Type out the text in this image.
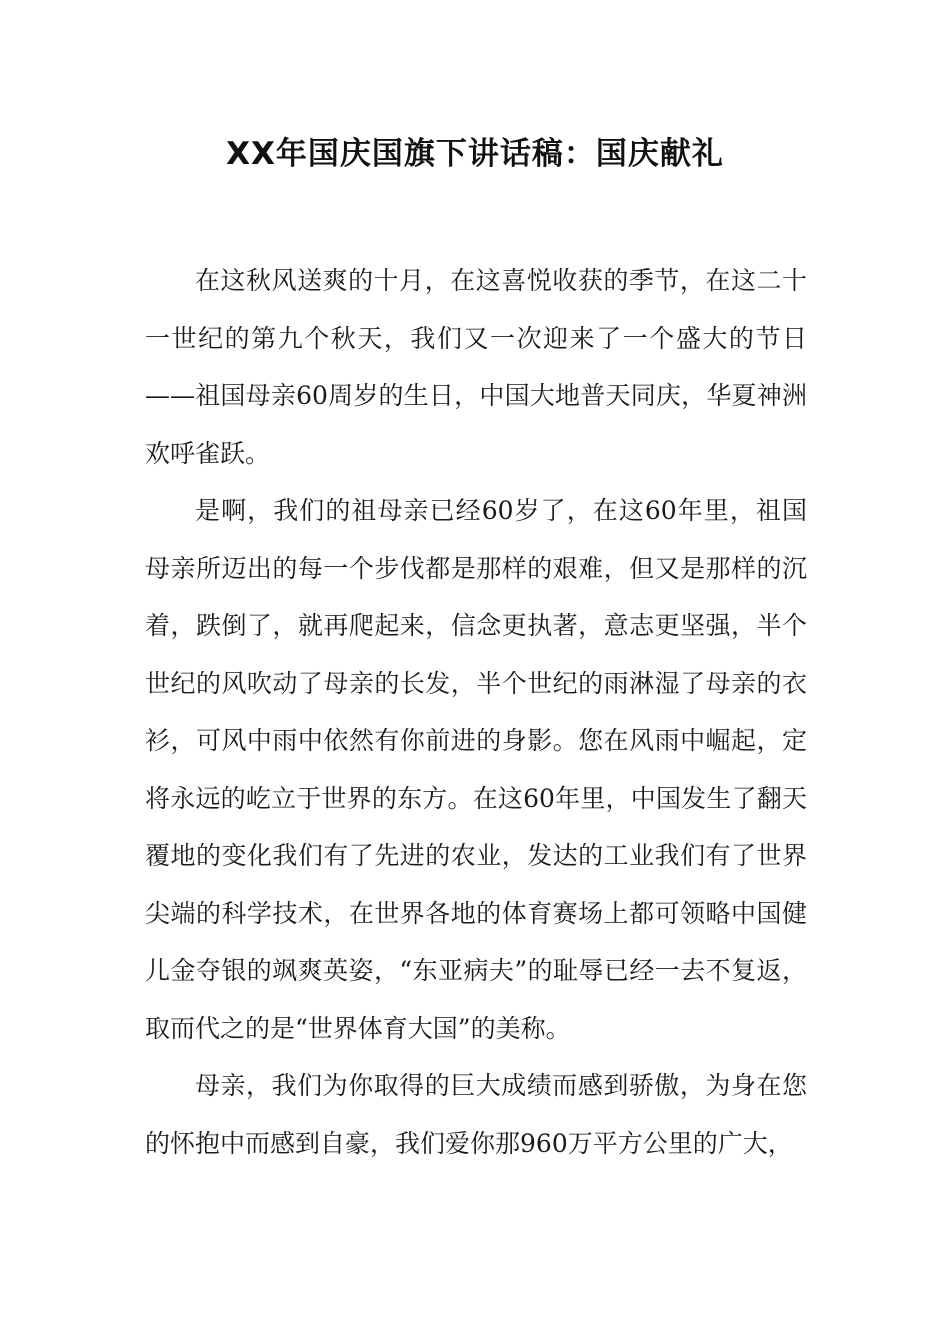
XX年国庆国旗下讲话稿：国庆献礼

在这秋风送爽的十月，在这喜悦收获的季节，在这二十一世纪的第九个秋天，我们又一次迎来了一个盛大的节日——祖国母亲60周岁的生日，中国大地普天同庆，华夏神洲欢呼雀跃。

是啊，我们的祖母亲已经60岁了，在这60年里，祖国母亲所迈出的每一个步伐都是那样的艰难，但又是那样的沉着，跌倒了，就再爬起来，信念更执著，意志更坚强，半个世纪的风吹动了母亲的长发，半个世纪的雨淋湿了母亲的衣衫，可风中雨中依然有你前进的身影。您在风雨中崛起，定将永远的屹立于世界的东方。在这60年里，中国发生了翻天覆地的变化我们有了先进的农业，发达的工业我们有了世界尖端的科学技术，在世界各地的体育赛场上都可领略中国健儿金夺银的飒爽英姿，“东亚病夫”的耻辱已经一去不复返，取而代之的是“世界体育大国”的美称。

母亲，我们为你取得的巨大成绩而感到骄傲，为身在您的怀抱中而感到自豪，我们爱你那960万平方公里的广大，
